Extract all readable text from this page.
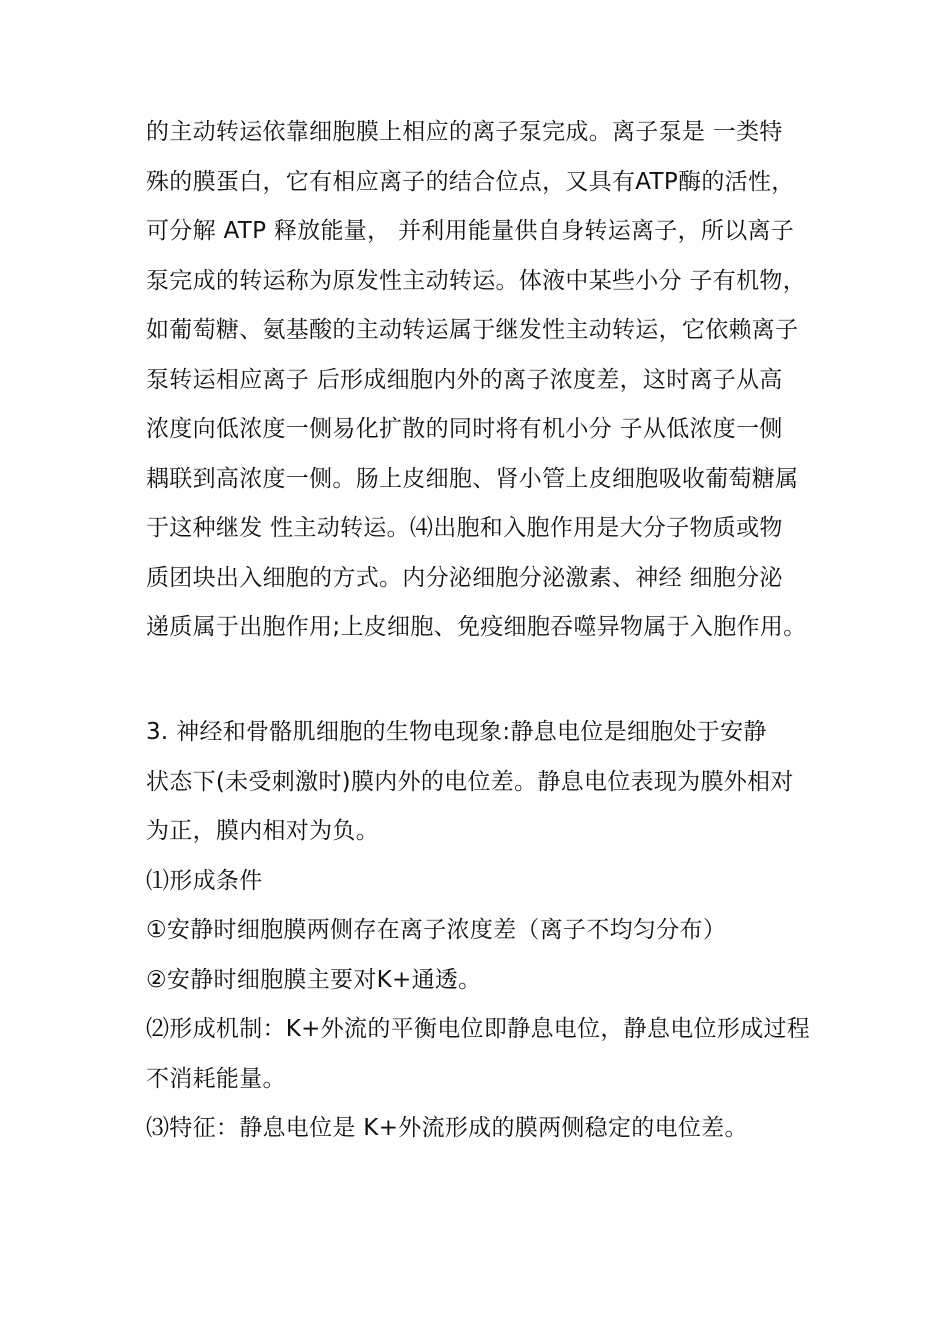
的主动转运依靠细胞膜上相应的离子泵完成。离子泵是 一类特
殊的膜蛋白，它有相应离子的结合位点，又具有ATP酶的活性，
可分解 ATP 释放能量， 并利用能量供自身转运离子，所以离子
泵完成的转运称为原发性主动转运。体液中某些小分 子有机物，
如葡萄糖、氨基酸的主动转运属于继发性主动转运，它依赖离子
泵转运相应离子 后形成细胞内外的离子浓度差，这时离子从高
浓度向低浓度一侧易化扩散的同时将有机小分 子从低浓度一侧
耦联到高浓度一侧。肠上皮细胞、肾小管上皮细胞吸收葡萄糖属
于这种继发 性主动转运。⑷出胞和入胞作用是大分子物质或物
质团块出入细胞的方式。内分泌细胞分泌激素、神经 细胞分泌
递质属于出胞作用;上皮细胞、免疫细胞吞噬异物属于入胞作用。
3. 神经和骨骼肌细胞的生物电现象:静息电位是细胞处于安静
状态下(未受刺激时)膜内外的电位差。静息电位表现为膜外相对
为正，膜内相对为负。
⑴形成条件
①安静时细胞膜两侧存在离子浓度差（离子不均匀分布）
②安静时细胞膜主要对K+通透。
⑵形成机制：K+外流的平衡电位即静息电位，静息电位形成过程
不消耗能量。
⑶特征：静息电位是 K+外流形成的膜两侧稳定的电位差。
